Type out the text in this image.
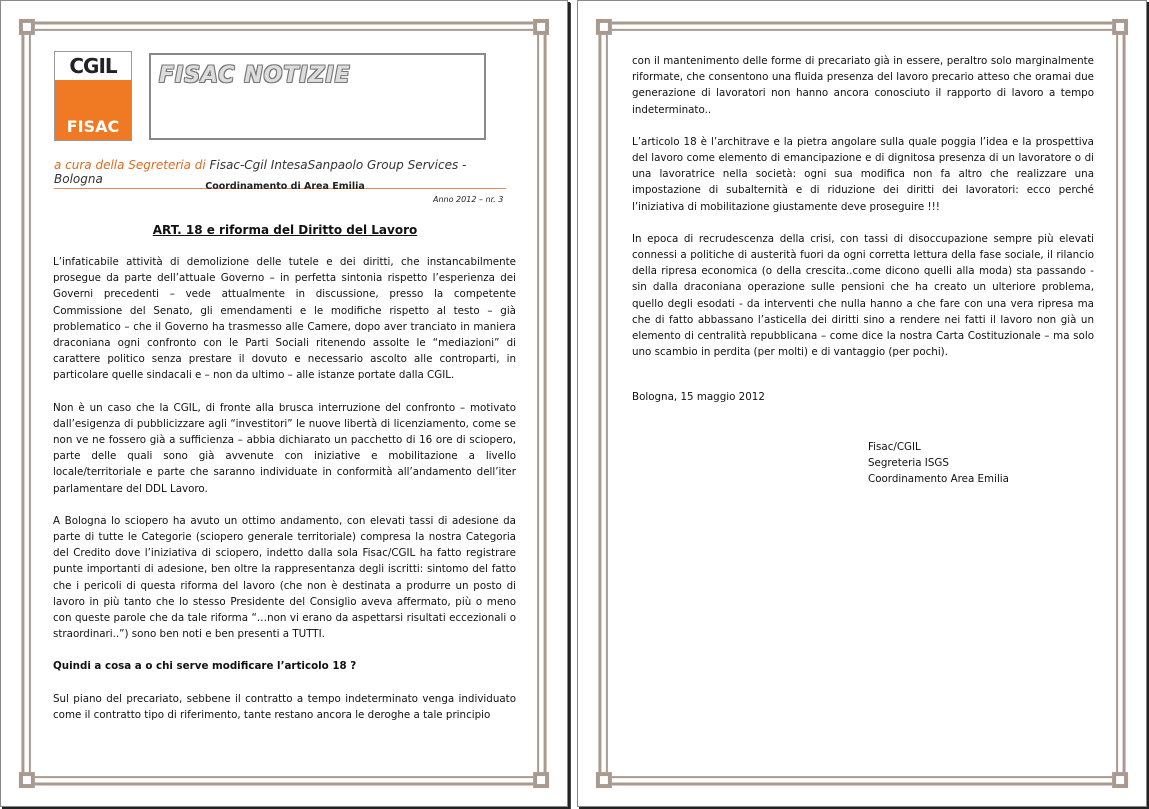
CGIL
FISAC
FISAC NOTIZIE
a cura della Segreteria di Fisac-Cgil IntesaSanpaolo Group Services - Bologna
Coordinamento di Area Emilia
Anno 2012 – nr. 3
ART. 18 e riforma del Diritto del Lavoro

L’infaticabile attività di demolizione delle tutele e dei diritti, che instancabilmente prosegue da parte dell’attuale Governo – in perfetta sintonia rispetto l’esperienza dei Governi precedenti – vede attualmente in discussione, presso la competente Commissione del Senato, gli emendamenti e le modifiche rispetto al testo – già problematico – che il Governo ha trasmesso alle Camere, dopo aver tranciato in maniera draconiana ogni confronto con le Parti Sociali ritenendo assolte le “mediazioni” di carattere politico senza prestare il dovuto e necessario ascolto alle controparti, in particolare quelle sindacali e – non da ultimo – alle istanze portate dalla CGIL.

Non è un caso che la CGIL, di fronte alla brusca interruzione del confronto – motivato dall’esigenza di pubblicizzare agli “investitori” le nuove libertà di licenziamento, come se non ve ne fossero già a sufficienza – abbia dichiarato un pacchetto di 16 ore di sciopero, parte delle quali sono già avvenute con iniziative e mobilitazione a livello locale/territoriale e parte che saranno individuate in conformità all’andamento dell’iter parlamentare del DDL Lavoro.

A Bologna lo sciopero ha avuto un ottimo andamento, con elevati tassi di adesione da parte di tutte le Categorie (sciopero generale territoriale) compresa la nostra Categoria del Credito dove l’iniziativa di sciopero, indetto dalla sola Fisac/CGIL ha fatto registrare punte importanti di adesione, ben oltre la rappresentanza degli iscritti: sintomo del fatto che i pericoli di questa riforma del lavoro (che non è destinata a produrre un posto di lavoro in più tanto che lo stesso Presidente del Consiglio aveva affermato, più o meno con queste parole che da tale riforma “…non vi erano da aspettarsi risultati eccezionali o straordinari..”) sono ben noti e ben presenti a TUTTI.

Quindi a cosa a o chi serve modificare l’articolo 18 ?

Sul piano del precariato, sebbene il contratto a tempo indeterminato venga individuato come il contratto tipo di riferimento, tante restano ancora le deroghe a tale principio

con il mantenimento delle forme di precariato già in essere, peraltro solo marginalmente riformate, che consentono una fluida presenza del lavoro precario atteso che oramai due generazione di lavoratori non hanno ancora conosciuto il rapporto di lavoro a tempo indeterminato..

L’articolo 18 è l’architrave e la pietra angolare sulla quale poggia l’idea e la prospettiva del lavoro come elemento di emancipazione e di dignitosa presenza di un lavoratore o di una lavoratrice nella società: ogni sua modifica non fa altro che realizzare una impostazione di subalternità e di riduzione dei diritti dei lavoratori: ecco perché l’iniziativa di mobilitazione giustamente deve proseguire !!!

In epoca di recrudescenza della crisi, con tassi di disoccupazione sempre più elevati connessi a politiche di austerità fuori da ogni corretta lettura della fase sociale, il rilancio della ripresa economica (o della crescita..come dicono quelli alla moda) sta passando - sin dalla draconiana operazione sulle pensioni che ha creato un ulteriore problema, quello degli esodati - da interventi che nulla hanno a che fare con una vera ripresa ma che di fatto abbassano l’asticella dei diritti sino a rendere nei fatti il lavoro non già un elemento di centralità repubblicana – come dice la nostra Carta Costituzionale – ma solo uno scambio in perdita (per molti) e di vantaggio (per pochi).

Bologna, 15 maggio 2012
Fisac/CGIL
Segreteria ISGS
Coordinamento Area Emilia
